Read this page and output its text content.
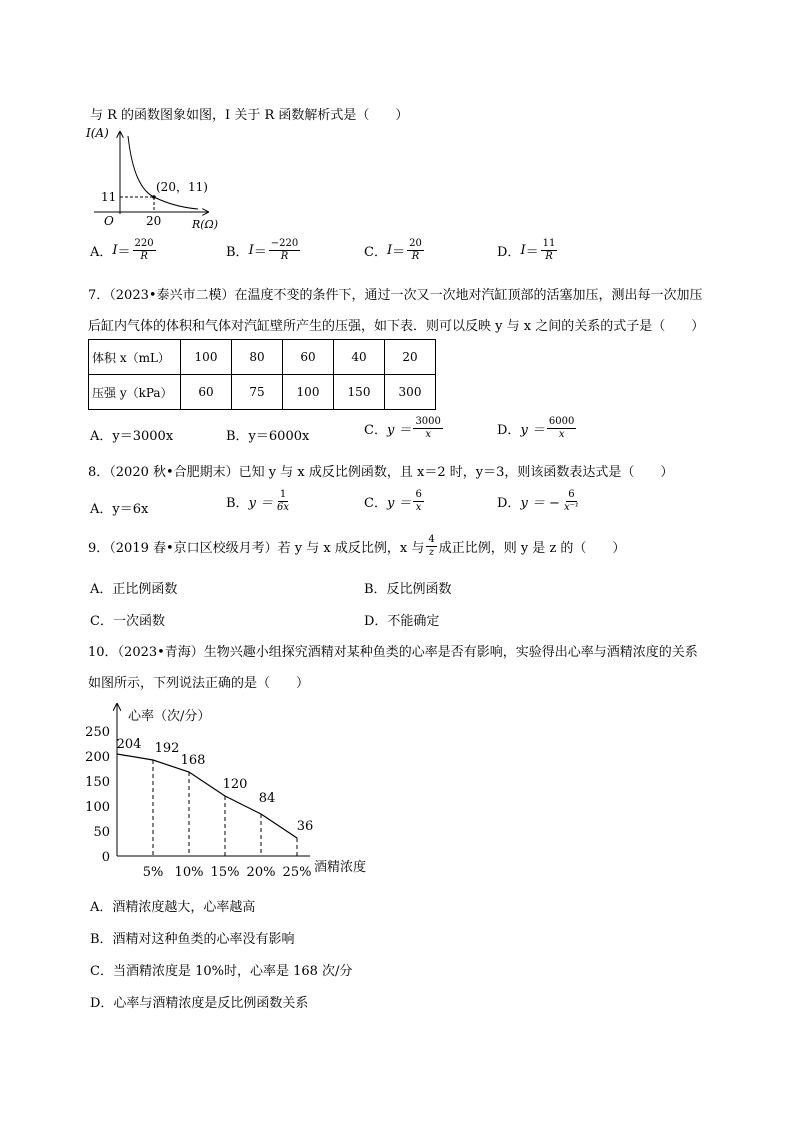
与 R 的函数图象如图，I 关于 R 函数解析式是（　　）
I(A)
R(Ω)
O
(20，11)
20
11
A． $I = \frac{220}{R}$	B． $I = \frac{-220}{R}$	C． $I = \frac{20}{R}$	D． $I = \frac{11}{R}$
7．（2023•泰兴市二模）在温度不变的条件下，通过一次又一次地对汽缸顶部的活塞加压，测出每一次加压
后缸内气体的体积和气体对汽缸壁所产生的压强，如下表．则可以反映 y 与 x 之间的关系的式子是（　　）
体积 x（mL）	100	80	60	40	20
压强 y（kPa）	60	75	100	150	300
A．y＝3000x	B．y＝6000x	C． $y = \frac{3000}{x}$	D． $y = \frac{6000}{x}$
8．（2020 秋•合肥期末）已知 y 与 x 成反比例函数，且 x＝2 时，y＝3，则该函数表达式是（　　）
A．y＝6x	B． $y = \frac{1}{6x}$	C． $y = \frac{6}{x}$	D． y ＝ − $\frac{6}{\text{x⁻¹}}$
9．（2019 春•京口区校级月考）若 y 与 x 成反比例，x 与 $\frac{4}{z}$ 成正比例，则 y 是 z 的（　　）
A．正比例函数	B．反比例函数
C．一次函数	D．不能确定
10．（2023•青海）生物兴趣小组探究酒精对某种鱼类的心率是否有影响，实验得出心率与酒精浓度的关系
如图所示，下列说法正确的是（　　）
心率（次/分）
酒精浓度
0
50
100
150
200
250
5% 10% 15% 20% 25%
204 192
168
120
84
36
A．酒精浓度越大，心率越高
B．酒精对这种鱼类的心率没有影响
C．当酒精浓度是 10%时，心率是 168 次/分
D．心率与酒精浓度是反比例函数关系
